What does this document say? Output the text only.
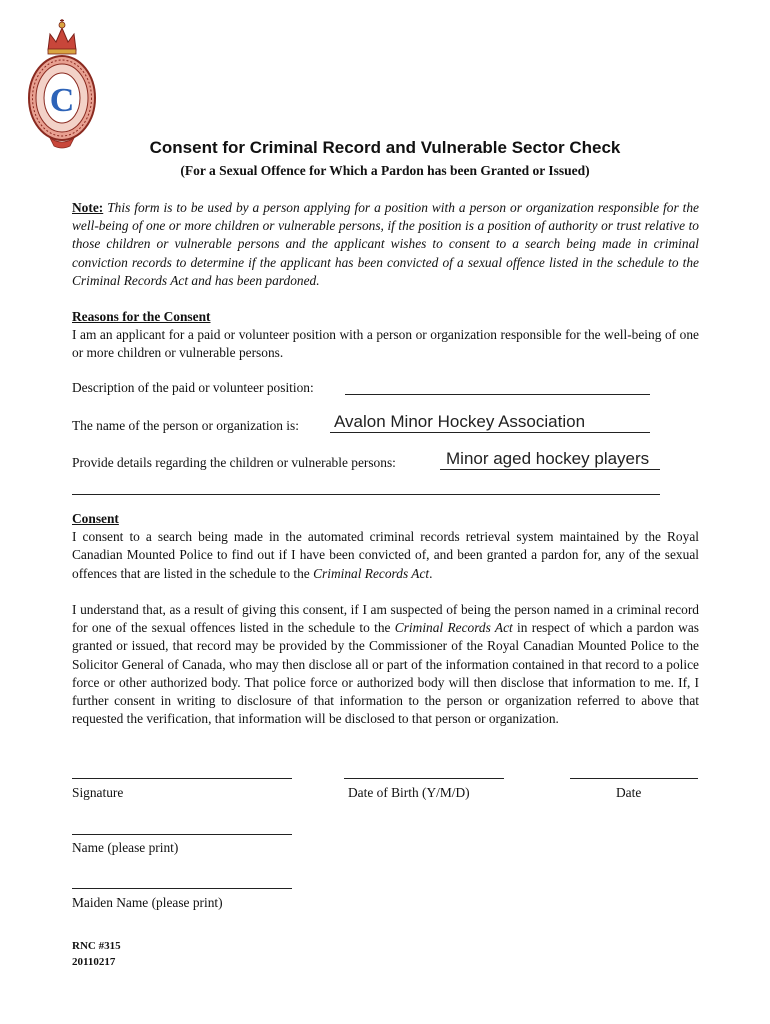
C
Consent for Criminal Record and Vulnerable Sector Check
(For a Sexual Offence for Which a Pardon has been Granted or Issued)
Note: This form is to be used by a person applying for a position with a person or organization responsible for the well-being of one or more children or vulnerable persons, if the position is a position of authority or trust relative to those children or vulnerable persons and the applicant wishes to consent to a search being made in criminal conviction records to determine if the applicant has been convicted of a sexual offence listed in the schedule to the Criminal Records Act and has been pardoned.
Reasons for the Consent
I am an applicant for a paid or volunteer position with a person or organization responsible for the well-being of one or more children or vulnerable persons.
Description of the paid or volunteer position:
The name of the person or organization is: Avalon Minor Hockey Association
Provide details regarding the children or vulnerable persons:	Minor aged hockey players
Consent
I consent to a search being made in the automated criminal records retrieval system maintained by the Royal Canadian Mounted Police to find out if I have been convicted of, and been granted a pardon for, any of the sexual offences that are listed in the schedule to the Criminal Records Act.
I understand that, as a result of giving this consent, if I am suspected of being the person named in a criminal record for one of the sexual offences listed in the schedule to the Criminal Records Act in respect of which a pardon was granted or issued, that record may be provided by the Commissioner of the Royal Canadian Mounted Police to the Solicitor General of Canada, who may then disclose all or part of the information contained in that record to a police force or other authorized body. That police force or authorized body will then disclose that information to me. If, I further consent in writing to disclosure of that information to the person or organization referred to above that requested the verification, that information will be disclosed to that person or organization.
Signature	Date of Birth (Y/M/D)	Date
Name (please print)
Maiden Name (please print)
RNC #315
20110217
